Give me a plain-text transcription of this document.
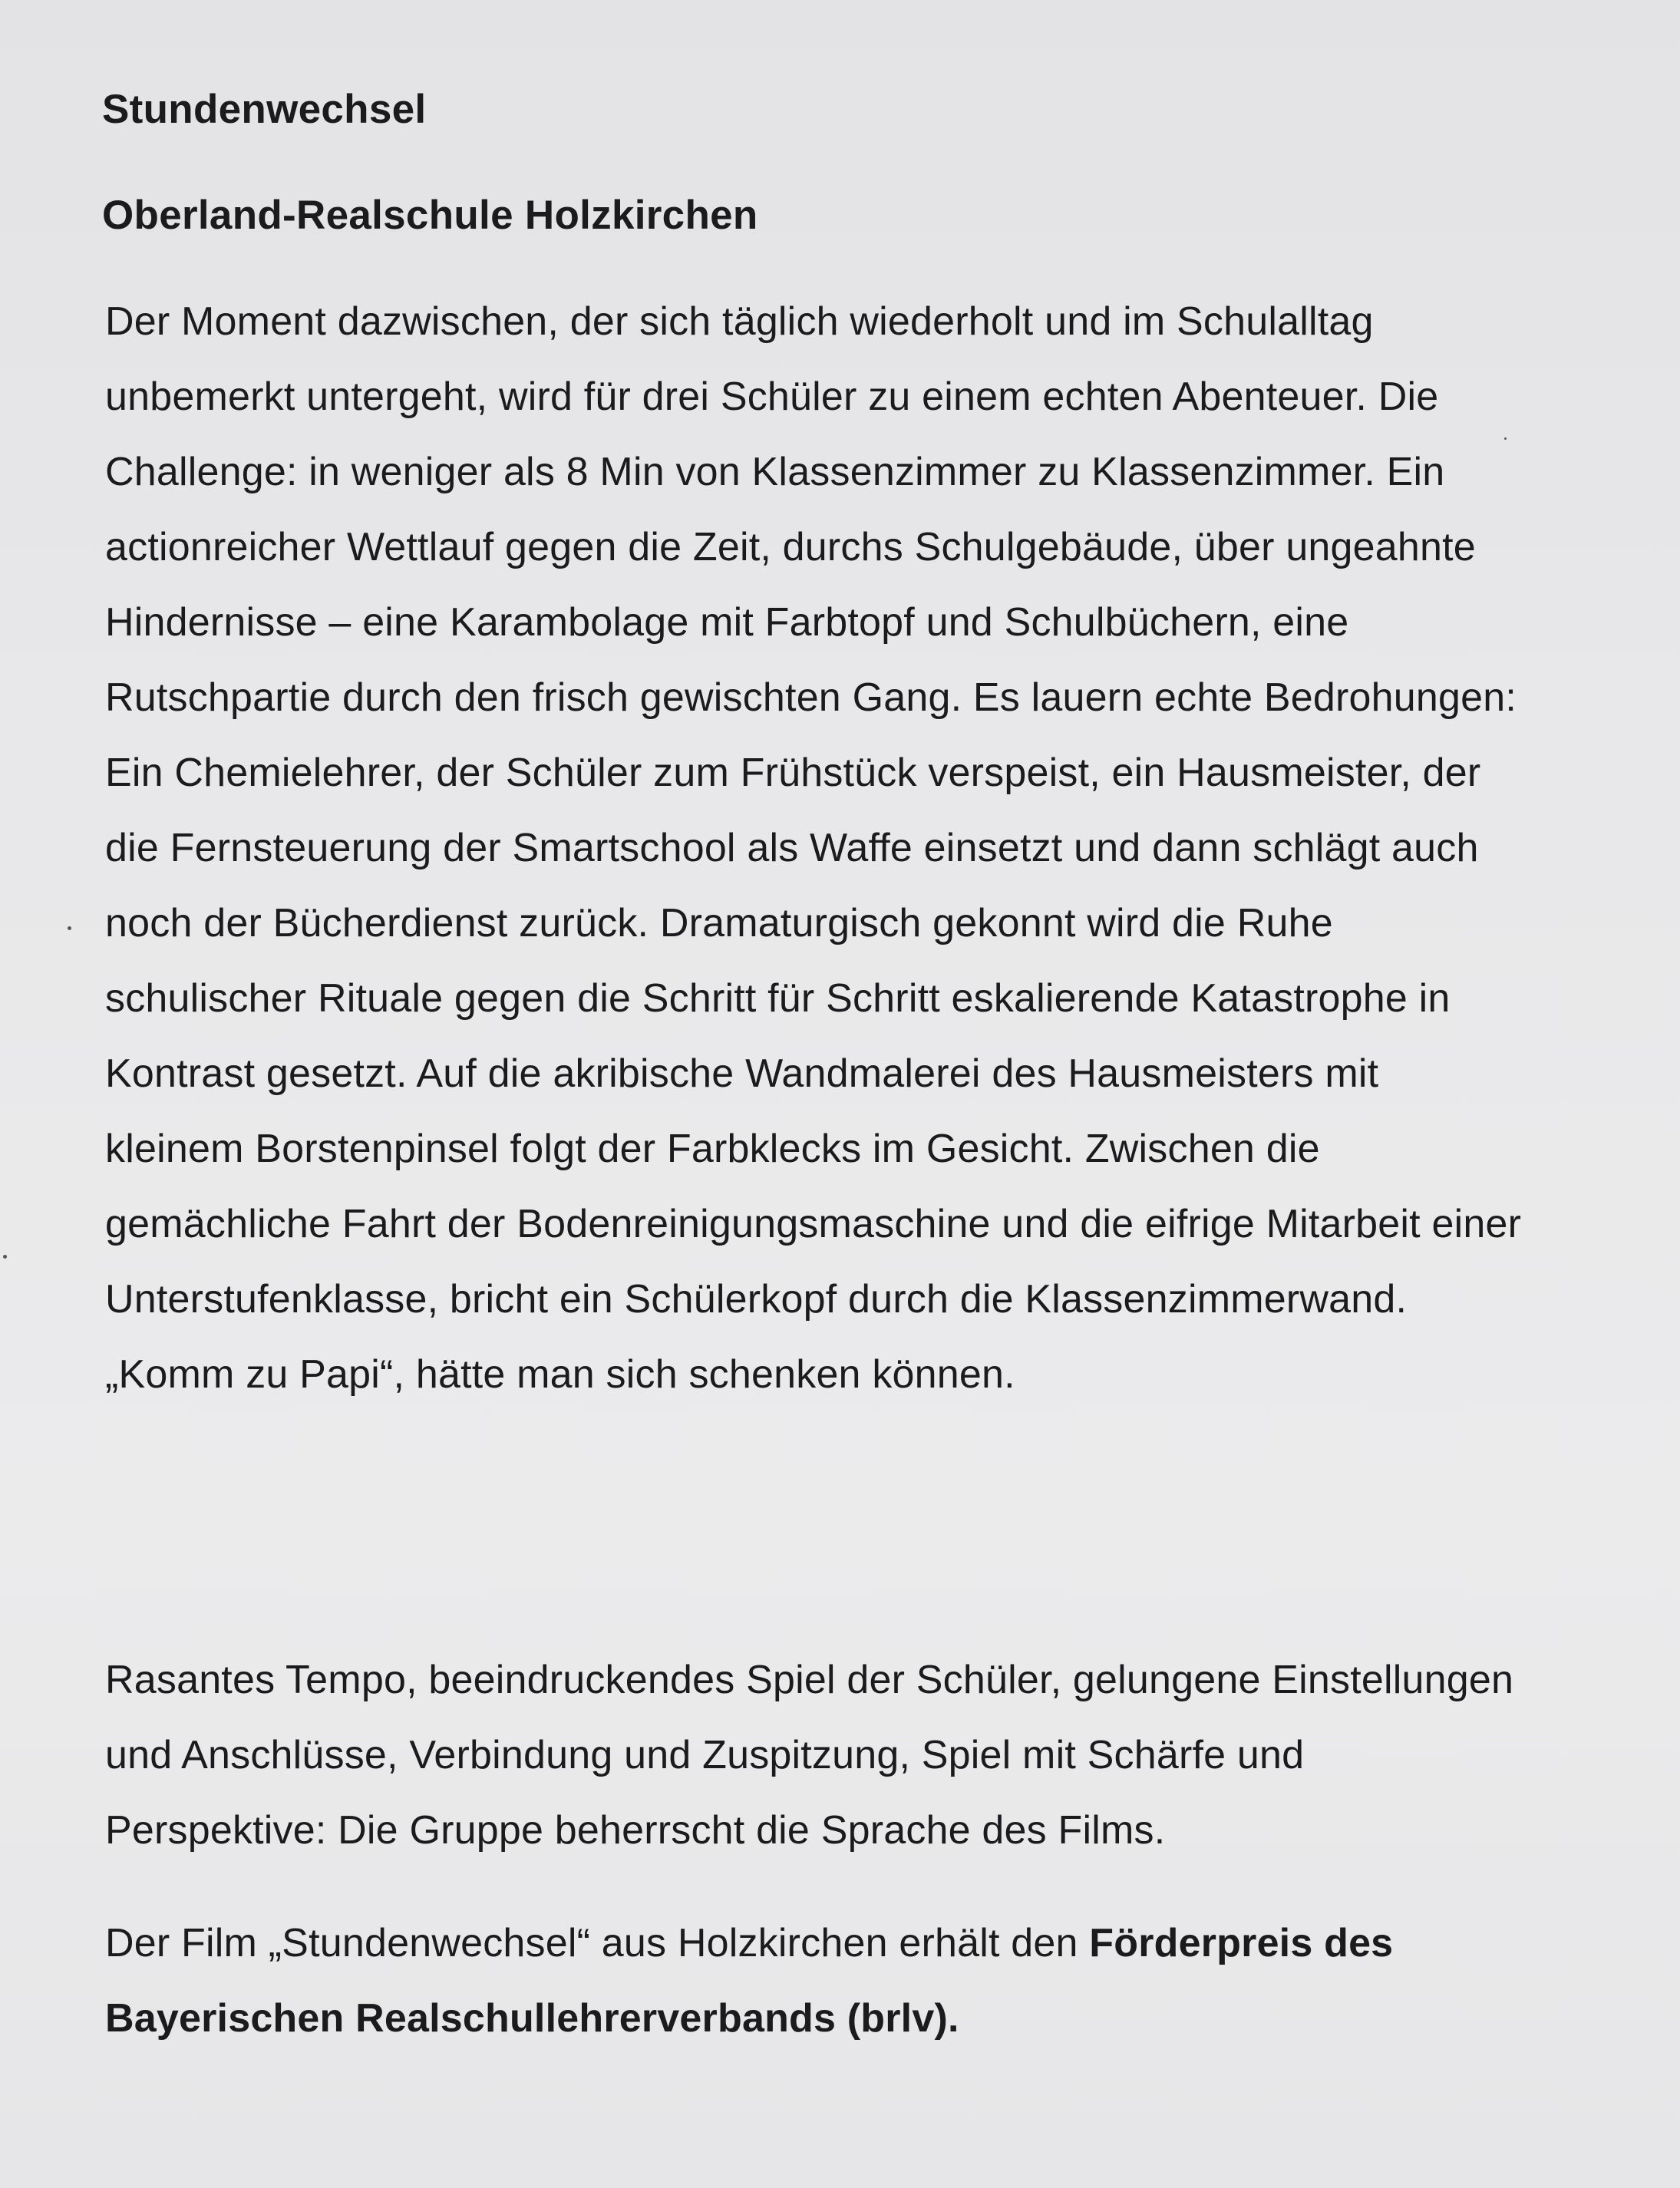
Stundenwechsel
Oberland-Realschule Holzkirchen

Der Moment dazwischen, der sich täglich wiederholt und im Schulalltag unbemerkt untergeht, wird für drei Schüler zu einem echten Abenteuer. Die Challenge: in weniger als 8 Min von Klassenzimmer zu Klassenzimmer. Ein actionreicher Wettlauf gegen die Zeit, durchs Schulgebäude, über ungeahnte Hindernisse – eine Karambolage mit Farbtopf und Schulbüchern, eine Rutschpartie durch den frisch gewischten Gang. Es lauern echte Bedrohungen: Ein Chemielehrer, der Schüler zum Frühstück verspeist, ein Hausmeister, der die Fernsteuerung der Smartschool als Waffe einsetzt und dann schlägt auch noch der Bücherdienst zurück. Dramaturgisch gekonnt wird die Ruhe schulischer Rituale gegen die Schritt für Schritt eskalierende Katastrophe in Kontrast gesetzt. Auf die akribische Wandmalerei des Hausmeisters mit kleinem Borstenpinsel folgt der Farbklecks im Gesicht. Zwischen die gemächliche Fahrt der Bodenreinigungsmaschine und die eifrige Mitarbeit einer Unterstufenklasse, bricht ein Schülerkopf durch die Klassenzimmerwand. „Komm zu Papi“, hätte man sich schenken können.

Rasantes Tempo, beeindruckendes Spiel der Schüler, gelungene Einstellungen und Anschlüsse, Verbindung und Zuspitzung, Spiel mit Schärfe und Perspektive: Die Gruppe beherrscht die Sprache des Films.

Der Film „Stundenwechsel“ aus Holzkirchen erhält den Förderpreis des Bayerischen Realschullehrerverbands (brlv).
